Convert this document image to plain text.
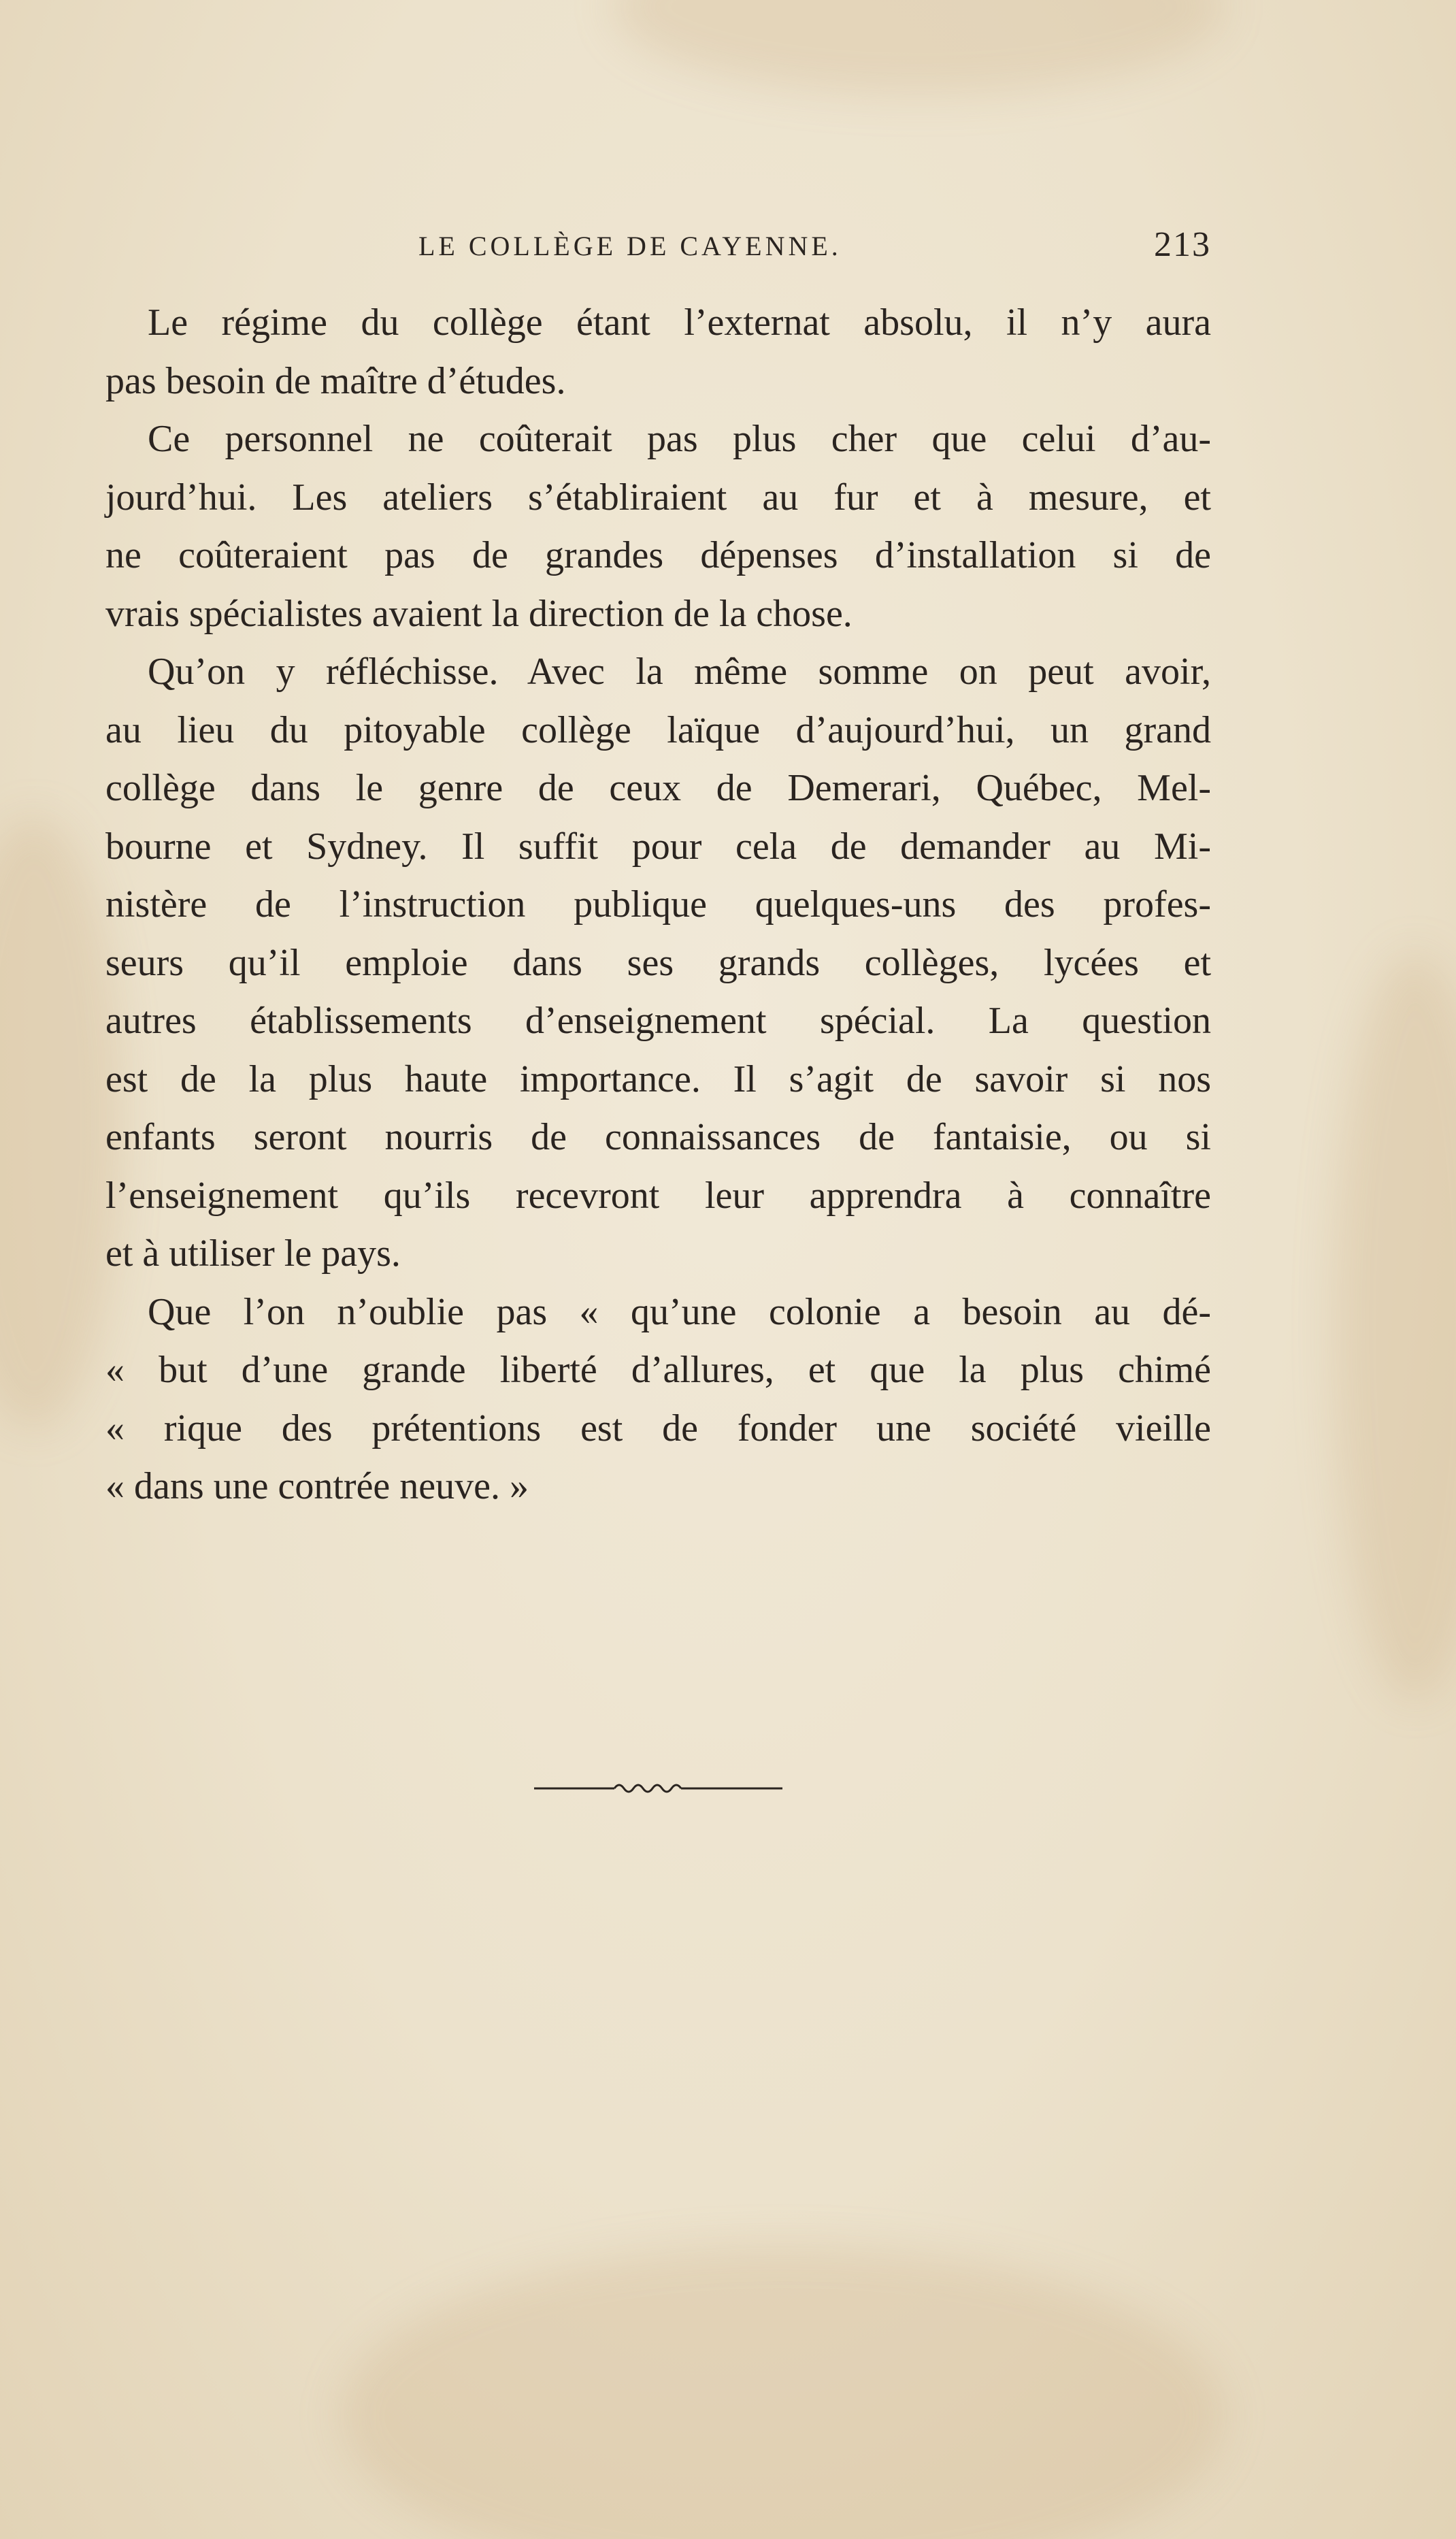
LE COLLÈGE DE CAYENNE.	213
Le régime du collège étant l’externat absolu, il n’y aura
pas besoin de maître d’études.
Ce personnel ne coûterait pas plus cher que celui d’au-
jourd’hui. Les ateliers s’établiraient au fur et à mesure, et
ne coûteraient pas de grandes dépenses d’installation si de
vrais spécialistes avaient la direction de la chose.
Qu’on y réfléchisse. Avec la même somme on peut avoir,
au lieu du pitoyable collège laïque d’aujourd’hui, un grand
collège dans le genre de ceux de Demerari, Québec, Mel-
bourne et Sydney. Il suffit pour cela de demander au Mi-
nistère de l’instruction publique quelques-uns des profes-
seurs qu’il emploie dans ses grands collèges, lycées et
autres établissements d’enseignement spécial. La question
est de la plus haute importance. Il s’agit de savoir si nos
enfants seront nourris de connaissances de fantaisie, ou si
l’enseignement qu’ils recevront leur apprendra à connaître
et à utiliser le pays.
Que l’on n’oublie pas « qu’une colonie a besoin au dé-
« but d’une grande liberté d’allures, et que la plus chimé
« rique des prétentions est de fonder une société vieille
« dans une contrée neuve. »
